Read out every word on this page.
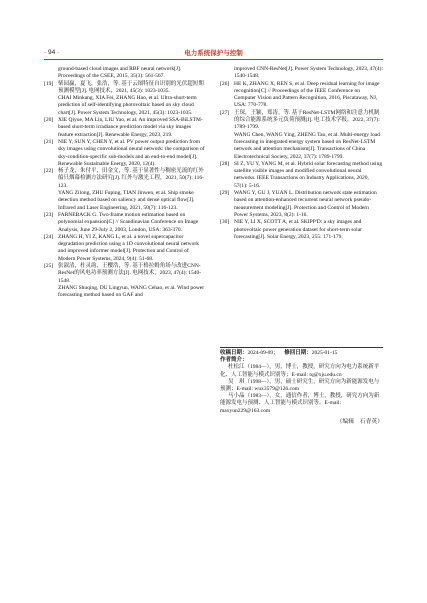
· 94 ·	电力系统保护与控制

ground-based cloud images and RBF neural network[J]. Proceedings of the CSEE, 2015, 35(3): 561-567.

[19] 柴园赢，夏飞，张浩，等. 基于云图特征自识别的光伏超短期预测模型[J]. 电网技术，2021, 45(3): 1023-1035.

CHAI Minkang, XIA Fei, ZHANG Hao, et al. Ultra-short-term prediction of self-identifying photovoltaic based on sky cloud chart[J]. Power System Technology, 2021, 45(3): 1023-1035.

[20] XIE Qiyue, MA Lin, LIU Yao, et al. An improved SSA-BiLSTM-based short-term irradiance prediction model via sky images feature extraction[J]. Renewable Energy, 2023, 219.

[21] NIE Y, SUN Y, CHEN Y, et al. PV power output prediction from sky images using convolutional neural network: the comparison of sky-condition-specific sub-models and an end-to-end model[J]. Renewable Sustainable Energy, 2020, 12(4).

[22] 杨子龙，朱付平，田金文，等. 基于显著性与稠密光流的红外船只烟幕检测方法研究[J]. 红外与激光工程，2021, 50(7): 116-123.

YANG Zilong, ZHU Fuping, TIAN Jinwen, et al. Ship smoke detection method based on saliency and dense optical flow[J]. Infrared and Laser Engineering, 2021, 50(7): 116-123.

[23] FARNEBACK G. Two-frame motion estimation based on polynomial expansion[C] // Scandinavian Conference on Image Analysis, June 29-July 2, 2003, London, USA: 363-370.

[24] ZHANG H, YI Z, KANG L, et al. a novel supercapacitor degradation prediction using a 1D convolutional neural network and improved informer model[J]. Protection and Control of Modern Power Systems, 2024, 9(4): 51-68.

[25] 张淑清，杜灵韵，王櫻浩，等. 基于格拉姆角场与改进CNN-ResNet的风电功率预测方法[J]. 电网技术，2023, 47(4): 1540-1548.

ZHANG Shuqing, DU Lingyun, WANG Cehao, et al. Wind power forecasting method based on GAF and

improved CNN-ResNet[J]. Power System Technology, 2023, 47(4): 1540-1548.

[26] HE K, ZHANG X, REN S, et al. Deep residual learning for image recognition[C] // Proceedings of the IEEE Conference on Computer Vision and Pattern Recognition, 2016, Piscataway, NJ, USA: 770-778.

[27] 王琛，王颖，郑涛，等. 基于ResNet-LSTM网络和注意力机制的综合能源系统多元负荷预测[J]. 电工技术学报，2022, 37(7): 1789-1799.

WANG Chen, WANG Ying, ZHENG Tao, et al. Multi-energy load forecasting in integrated energy system based on ResNet-LSTM network and attention mechanism[J]. Transactions of China Electrotechnical Society, 2022, 37(7): 1789-1799.

[28] SI Z, YU Y, YANG M, et al. Hybrid solar forecasting method using satellite visible images and modified convolutional neural networks. IEEE Transactions on Industry Applications, 2020, 57(1): 5-16.

[29] WANG Y, GU J, YUAN L. Distribution network state estimation based on attention-enhanced recurrent neural network pseudo-measurement modeling[J]. Protection and Control of Modern Power Systems, 2023, 8(2): 1-16.

[30] NIE Y, LI X, SCOTT A, et al. SKIPP'D: a sky images and photovoltaic power generation dataset for short-term solar forecasting[J]. Solar Energy, 2023, 255: 171-179.

收稿日期：2024-09-09； 修回日期：2025-01-15

作者简介：

杜松江（1984—），男，博士，教授，研究方向为电力系统新平化、人工智能与模式识别等；E-mail: tq@xju.edu.cn

吴　琪（1998—），男，硕士研究生，研究方向为新能源发电与预测；E-mail: wux3579@126.com

马小晶（1983—），女，通信作者，博士，教授，研究方向为新能源发电与预测、人工智能与模式识别等。E-mail: maxyun229@163.com

（编辑　石青英）
